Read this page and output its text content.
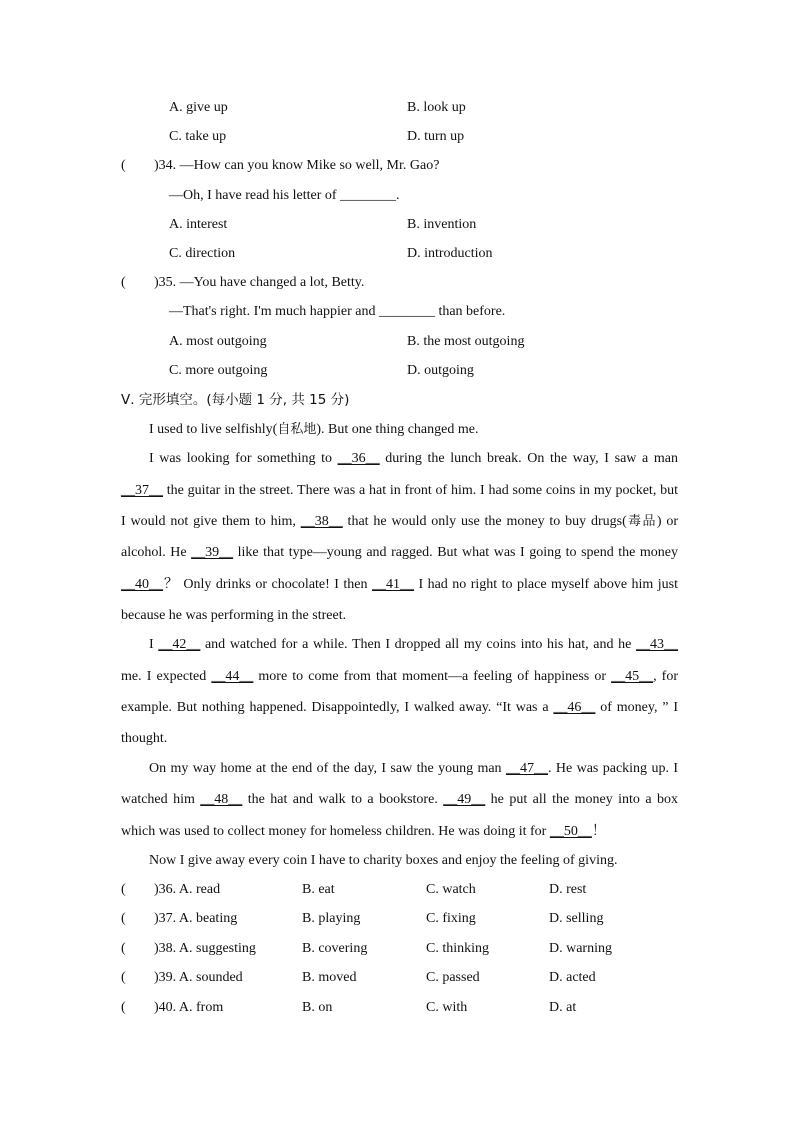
A. give up	B. look up
C. take up	D. turn up
( )34. —How can you know Mike so well, Mr. Gao?
—Oh, I have read his letter of ________.
A. interest	B. invention
C. direction	D. introduction
( )35. —You have changed a lot, Betty.
—That's right. I'm much happier and ________ than before.
A. most outgoing	B. the most outgoing
C. more outgoing	D. outgoing
Ⅴ. 完形填空。(每小题 1 分, 共 15 分)
I used to live selfishly(自私地). But one thing changed me.
I was looking for something to __36__ during the lunch break. On the way, I saw a man
__37__ the guitar in the street. There was a hat in front of him. I had some coins in my pocket, but
I would not give them to him, __38__ that he would only use the money to buy drugs(毒品) or
alcohol. He __39__ like that type—young and ragged. But what was I going to spend the money
__40__？ Only drinks or chocolate! I then __41__ I had no right to place myself above him just
because he was performing in the street.
I __42__ and watched for a while. Then I dropped all my coins into his hat, and he __43__
me. I expected __44__ more to come from that moment—a feeling of happiness or __45__, for
example. But nothing happened. Disappointedly, I walked away. “It was a __46__ of money, ” I
thought.
On my way home at the end of the day, I saw the young man __47__. He was packing up. I
watched him __48__ the hat and walk to a bookstore. __49__ he put all the money into a box
which was used to collect money for homeless children. He was doing it for __50__！
Now I give away every coin I have to charity boxes and enjoy the feeling of giving.
( )36. A. read	B. eat	C. watch	D. rest
( )37. A. beating	B. playing	C. fixing	D. selling
( )38. A. suggesting	B. covering	C. thinking	D. warning
( )39. A. sounded	B. moved	C. passed	D. acted
( )40. A. from	B. on	C. with	D. at
